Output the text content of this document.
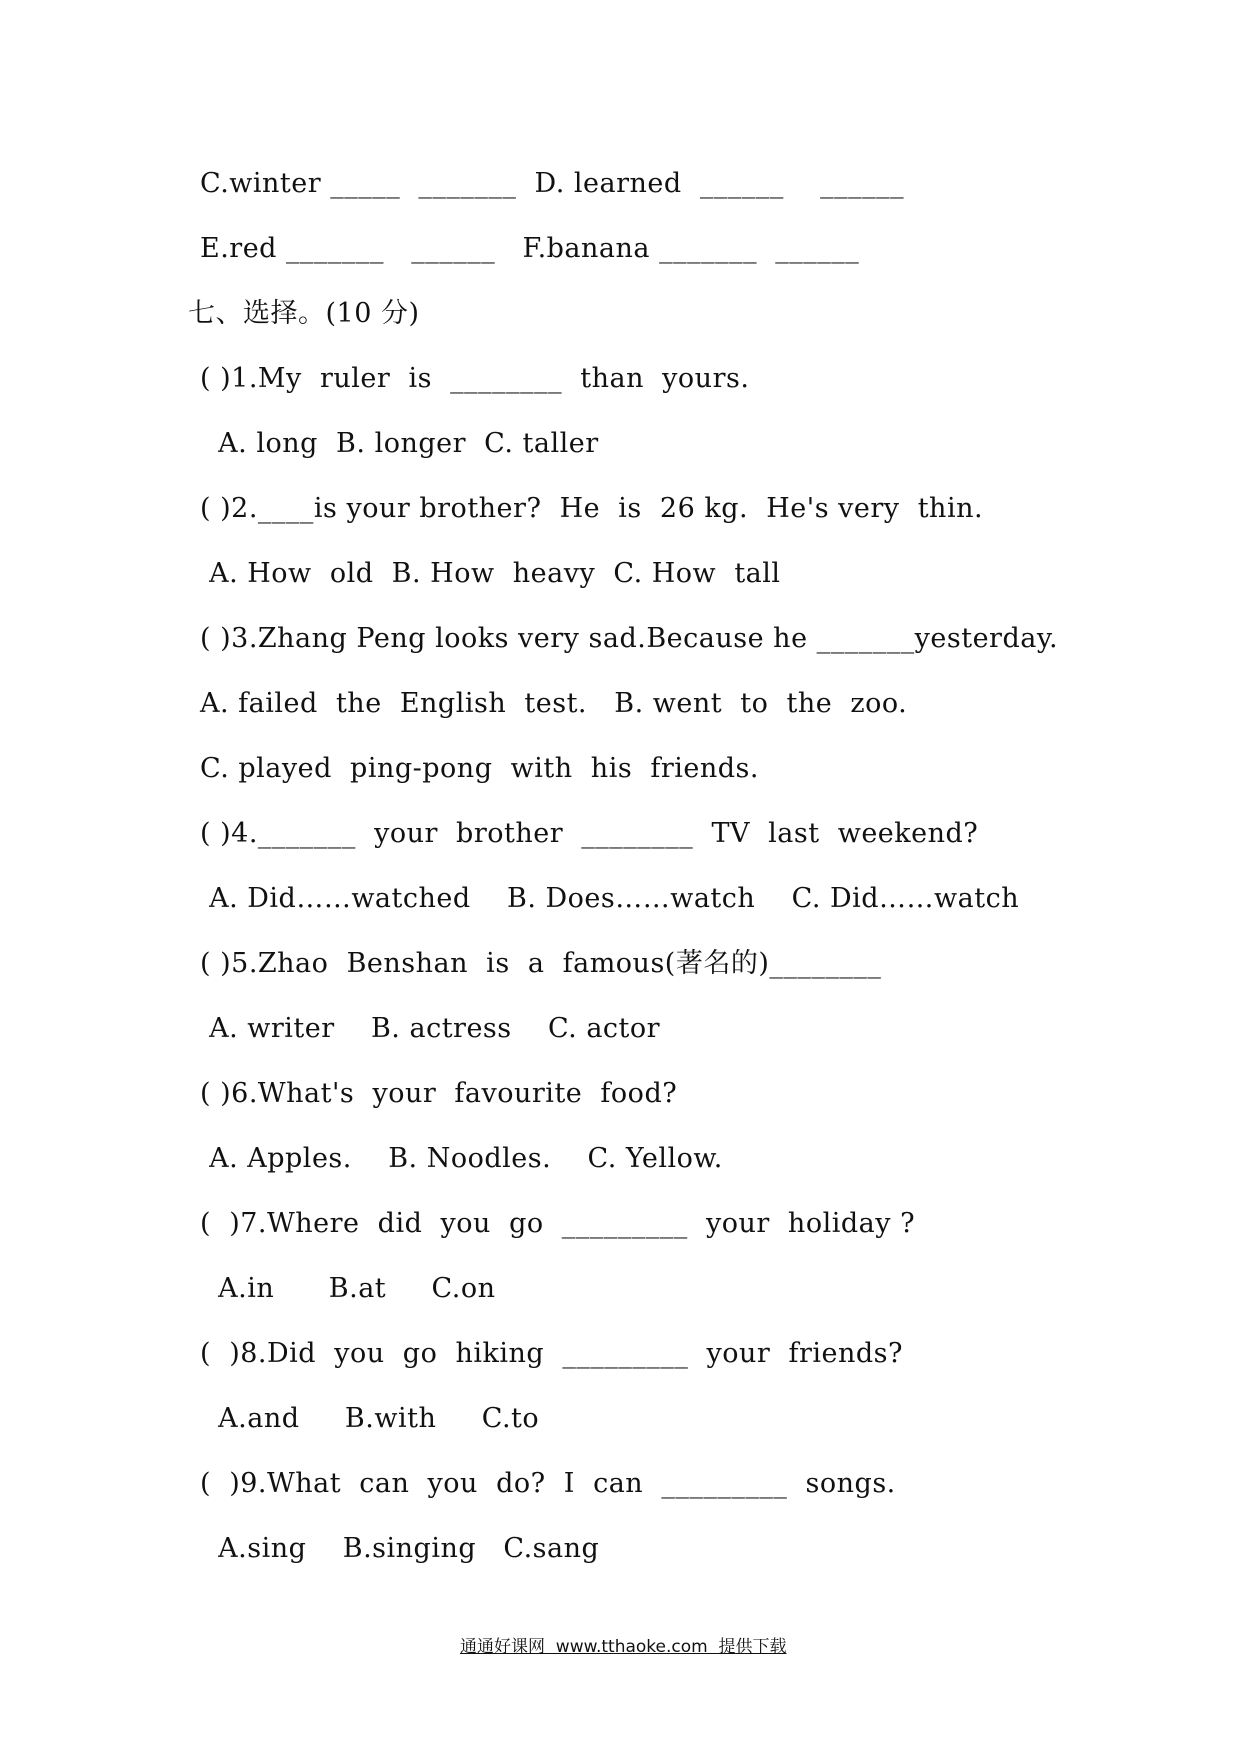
C.winter _____  _______  D. learned  ______    ______
E.red _______   ______   F.banana _______  ______
七、选择。(10 分)
( )1.My  ruler  is  ________  than  yours.
A. long  B. longer  C. taller
( )2.____is your brother?  He  is  26 kg.  He's very  thin.
A. How  old  B. How  heavy  C. How  tall
( )3.Zhang Peng looks very sad.Because he _______yesterday.
A. failed  the  English  test.   B. went  to  the  zoo.
C. played  ping-pong  with  his  friends.
( )4._______  your  brother  ________  TV  last  weekend?
A. Did……watched    B. Does……watch    C. Did……watch
( )5.Zhao  Benshan  is  a  famous(著名的)________
A. writer    B. actress    C. actor
( )6.What's  your  favourite  food?
A. Apples.    B. Noodles.    C. Yellow.
(  )7.Where  did  you  go  _________  your  holiday ?
A.in      B.at     C.on
(  )8.Did  you  go  hiking  _________  your  friends?
A.and     B.with     C.to
(  )9.What  can  you  do?  I  can  _________  songs.
A.sing    B.singing   C.sang
通通好课网  www.tthaoke.com  提供下载
